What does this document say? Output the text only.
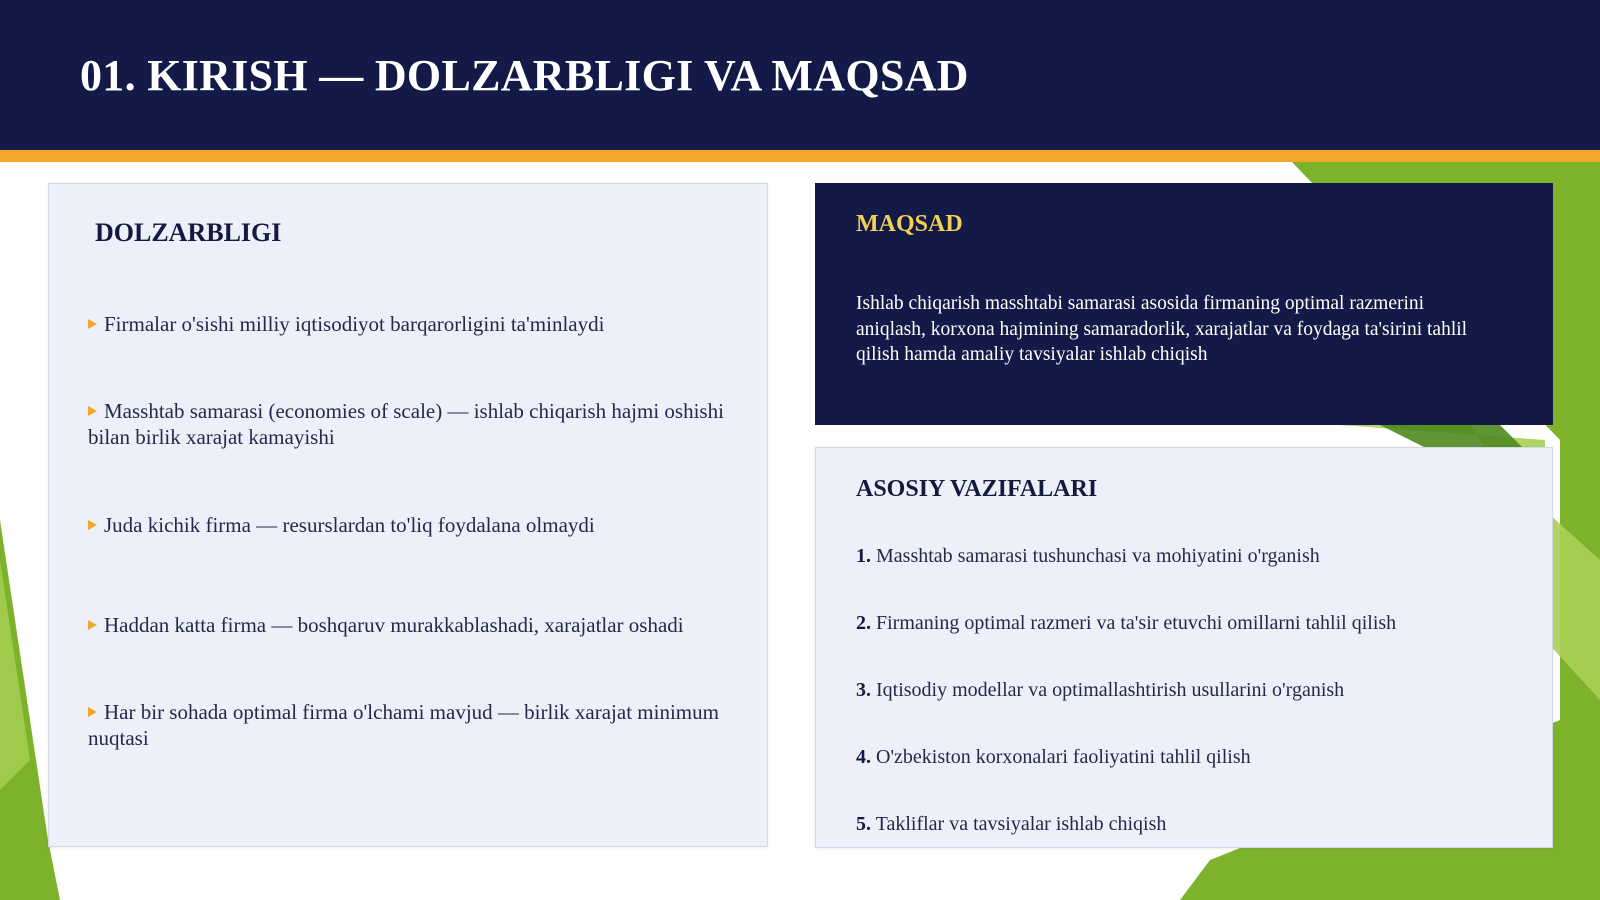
01. KIRISH — DOLZARBLIGI VA MAQSAD
DOLZARBLIGI
Firmalar o'sishi milliy iqtisodiyot barqarorligini ta'minlaydi
Masshtab samarasi (economies of scale) — ishlab chiqarish hajmi oshishi bilan birlik xarajat kamayishi
Juda kichik firma — resurslardan to'liq foydalana olmaydi
Haddan katta firma — boshqaruv murakkablashadi, xarajatlar oshadi
Har bir sohada optimal firma o'lchami mavjud — birlik xarajat minimum nuqtasi
MAQSAD

Ishlab chiqarish masshtabi samarasi asosida firmaning optimal razmerini aniqlash, korxona hajmining samaradorlik, xarajatlar va foydaga ta'sirini tahlil qilish hamda amaliy tavsiyalar ishlab chiqish

ASOSIY VAZIFALARI
1. Masshtab samarasi tushunchasi va mohiyatini o'rganish
2. Firmaning optimal razmeri va ta'sir etuvchi omillarni tahlil qilish
3. Iqtisodiy modellar va optimallashtirish usullarini o'rganish
4. O'zbekiston korxonalari faoliyatini tahlil qilish
5. Takliflar va tavsiyalar ishlab chiqish
